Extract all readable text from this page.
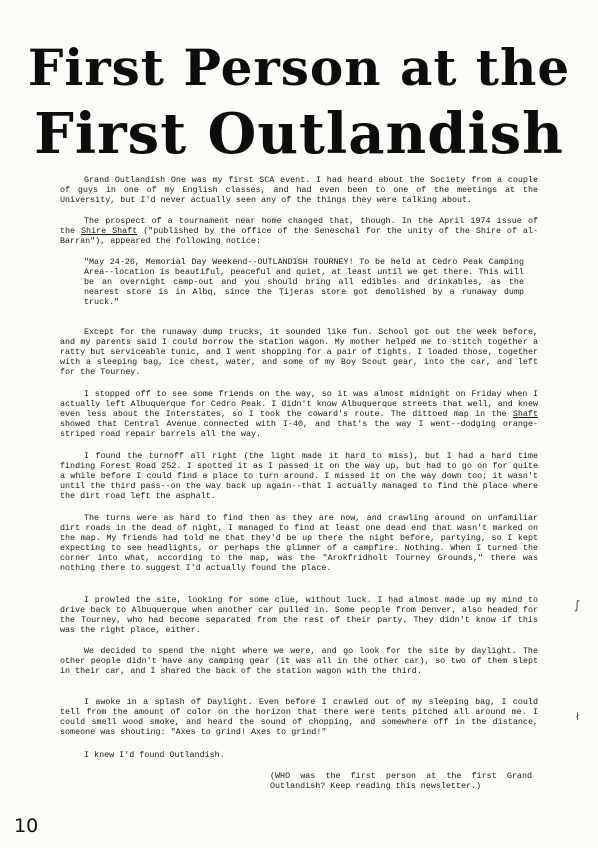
First Person at the
First Outlandish

Grand Outlandish One was my first SCA event. I had heard about the Society from a couple of guys in one of my English classes, and had even been to one of the meetings at the University, but I'd never actually seen any of the things they were talking about.

The prospect of a tournament near home changed that, though. In the April 1974 issue of the Shire Shaft ("published by the office of the Seneschal for the unity of the Shire of al-Barran"), appeared the following notice:

"May 24-26, Memorial Day Weekend--OUTLANDISH TOURNEY! To be held at Cedro Peak Camping Area--location is beautiful, peaceful and quiet, at least until we get there. This will be an overnight camp-out and you should bring all edibles and drinkables, as the nearest store is in Albq, since the Tijeras store got demolished by a runaway dump truck."

Except for the runaway dump trucks, it sounded like fun. School got out the week before, and my parents said I could borrow the station wagon. My mother helped me to stitch together a ratty but serviceable tunic, and I went shopping for a pair of tights. I loaded those, together with a sleeping bag, ice chest, water, and some of my Boy Scout gear, into the car, and left for the Tourney.

I stopped off to see some friends on the way, so it was almost midnight on Friday when I actually left Albuquerque for Cedro Peak. I didn't know Albuquerque streets that well, and knew even less about the Interstates, so I took the coward's route. The dittoed map in the Shaft showed that Central Avenue connected with I-40, and that's the way I went--dodging orange-striped road repair barrels all the way.

I found the turnoff all right (the light made it hard to miss), but I had a hard time finding Forest Road 252. I spotted it as I passed it on the way up, but had to go on for quite a while before I could find a place to turn around. I missed it on the way down too; it wasn't until the third pass--on the way back up again--that I actually managed to find the place where the dirt road left the asphalt.

The turns were as hard to find then as they are now, and crawling around on unfamiliar dirt roads in the dead of night, I managed to find at least one dead end that wasn't marked on the map. My friends had told me that they'd be up there the night before, partying, so I kept expecting to see headlights, or perhaps the glimmer of a campfire. Nothing. When I turned the corner into what, according to the map, was the "Arokfridholt Tourney Grounds," there was nothing there to suggest I'd actually found the place.

I prowled the site, looking for some clue, without luck. I had almost made up my mind to drive back to Albuquerque when another car pulled in. Some people from Denver, also headed for the Tourney, who had become separated from the rest of their party. They didn't know if this was the right place, either.

We decided to spend the night where we were, and go look for the site by daylight. The other people didn't have any camping gear (it was all in the other car), so two of them slept in their car, and I shared the back of the station wagon with the third.

I awoke in a splash of Daylight. Even before I crawled out of my sleeping bag, I could tell from the amount of color on the horizon that there were tents pitched all around me. I could smell wood smoke, and heard the sound of chopping, and somewhere off in the distance, someone was shouting: "Axes to grind! Axes to grind!"

I knew I'd found Outlandish.

(WHO was the first person at the first Grand Outlandish? Keep reading this newsletter.)

10
∫
ł
